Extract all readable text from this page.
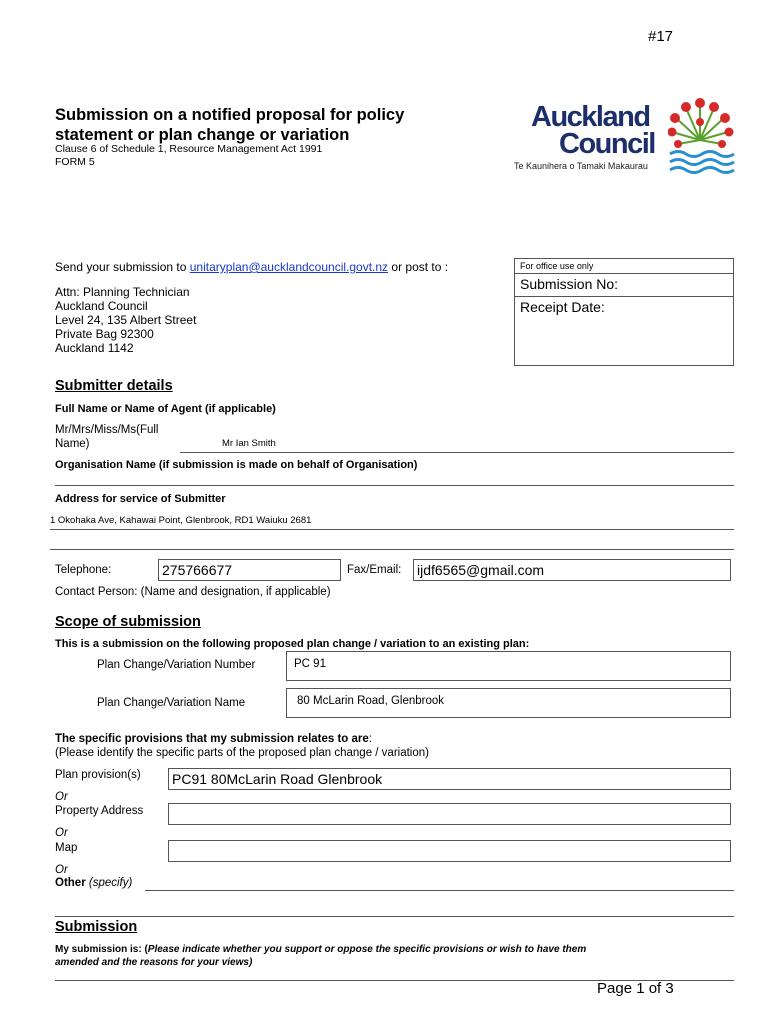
#17
Submission on a notified proposal for policy
statement or plan change or variation
Clause 6 of Schedule 1, Resource Management Act 1991
FORM 5
Auckland
Council
Te Kaunihera o Tamaki Makaurau
Send your submission to unitaryplan@aucklandcouncil.govt.nz or post to :
Attn: Planning Technician
Auckland Council
Level 24, 135 Albert Street
Private Bag 92300
Auckland 1142
For office use only
Submission No:
Receipt Date:
Submitter details
Full Name or Name of Agent (if applicable)
Mr/Mrs/Miss/Ms(Full
Name)	Mr Ian Smith
Organisation Name (if submission is made on behalf of Organisation)
Address for service of Submitter
1 Okohaka Ave, Kahawai Point, Glenbrook, RD1 Waiuku 2681
Telephone:	275766677	Fax/Email: ijdf6565@gmail.com
Contact Person: (Name and designation, if applicable)
Scope of submission
This is a submission on the following proposed plan change / variation to an existing plan:
Plan Change/Variation Number	PC 91
Plan Change/Variation Name	80 McLarin Road, Glenbrook
The specific provisions that my submission relates to are:
(Please identify the specific parts of the proposed plan change / variation)
Plan provision(s) PC91 80McLarin Road Glenbrook
Or
Property Address
Or
Map
Or
Other (specify)
Submission
My submission is: (Please indicate whether you support or oppose the specific provisions or wish to have them
amended and the reasons for your views)
Page 1 of 3
